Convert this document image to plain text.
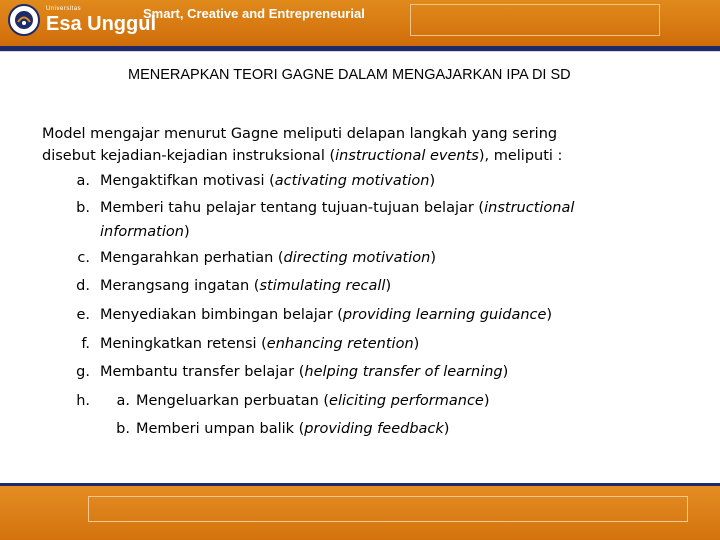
Universitas
Esa Unggul
Smart, Creative and Entrepreneurial
MENERAPKAN TEORI GAGNE DALAM MENGAJARKAN IPA DI SD

Model mengajar menurut Gagne meliputi delapan langkah yang sering
disebut kejadian-kejadian instruksional (instructional events), meliputi :

a. Mengaktifkan motivasi (activating motivation)
b. Memberi tahu pelajar tentang tujuan-tujuan belajar (instructional
information)
c. Mengarahkan perhatian (directing motivation)
d. Merangsang ingatan (stimulating recall)
e. Menyediakan bimbingan belajar (providing learning guidance)
f. Meningkatkan retensi (enhancing retention)
g. Membantu transfer belajar (helping transfer of learning)
h.	a. Mengeluarkan perbuatan (eliciting performance)
b. Memberi umpan balik (providing feedback)
